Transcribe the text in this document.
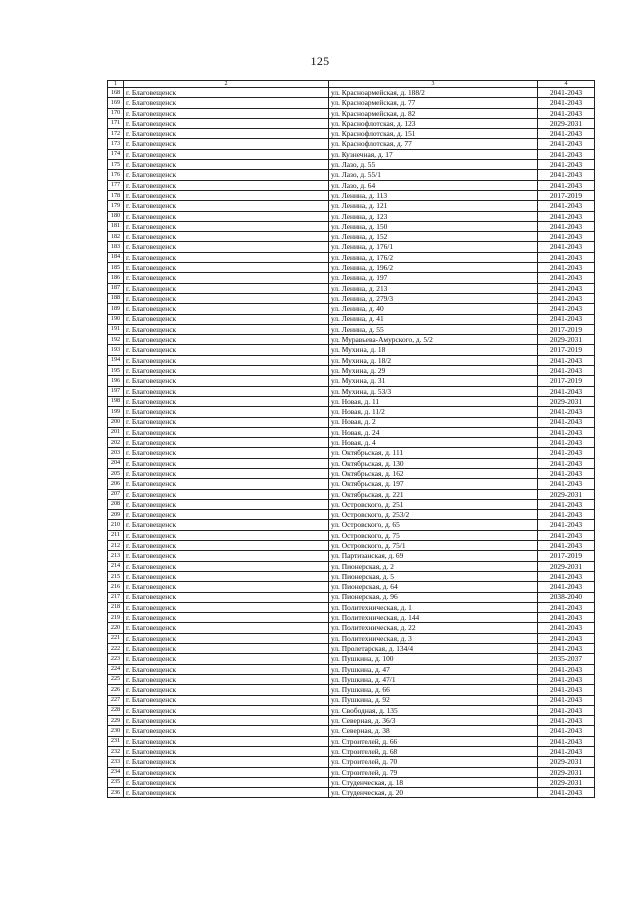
125
1	2	3	4
168	г. Благовещенск	ул. Красноармейская, д. 188/2	2041-2043
169	г. Благовещенск	ул. Красноармейская, д. 77	2041-2043
170	г. Благовещенск	ул. Красноармейская, д. 82	2041-2043
171	г. Благовещенск	ул. Краснофлотская, д. 123	2029-2031
172	г. Благовещенск	ул. Краснофлотская, д. 151	2041-2043
173	г. Благовещенск	ул. Краснофлотская, д. 77	2041-2043
174	г. Благовещенск	ул. Кузнечная, д. 17	2041-2043
175	г. Благовещенск	ул. Лазо, д. 55	2041-2043
176	г. Благовещенск	ул. Лазо, д. 55/1	2041-2043
177	г. Благовещенск	ул. Лазо, д. 64	2041-2043
178	г. Благовещенск	ул. Ленина, д. 113	2017-2019
179	г. Благовещенск	ул. Ленина, д. 121	2041-2043
180	г. Благовещенск	ул. Ленина, д. 123	2041-2043
181	г. Благовещенск	ул. Ленина, д. 150	2041-2043
182	г. Благовещенск	ул. Ленина, д. 152	2041-2043
183	г. Благовещенск	ул. Ленина, д. 176/1	2041-2043
184	г. Благовещенск	ул. Ленина, д. 176/2	2041-2043
185	г. Благовещенск	ул. Ленина, д. 196/2	2041-2043
186	г. Благовещенск	ул. Ленина, д. 197	2041-2043
187	г. Благовещенск	ул. Ленина, д. 213	2041-2043
188	г. Благовещенск	ул. Ленина, д. 279/3	2041-2043
189	г. Благовещенск	ул. Ленина, д. 40	2041-2043
190	г. Благовещенск	ул. Ленина, д. 41	2041-2043
191	г. Благовещенск	ул. Ленина, д. 55	2017-2019
192	г. Благовещенск	ул. Муравьева-Амурского, д. 5/2	2029-2031
193	г. Благовещенск	ул. Мухина, д. 18	2017-2019
194	г. Благовещенск	ул. Мухина, д. 18/2	2041-2043
195	г. Благовещенск	ул. Мухина, д. 29	2041-2043
196	г. Благовещенск	ул. Мухина, д. 31	2017-2019
197	г. Благовещенск	ул. Мухина, д. 53/3	2041-2043
198	г. Благовещенск	ул. Новая, д. 11	2029-2031
199	г. Благовещенск	ул. Новая, д. 11/2	2041-2043
200	г. Благовещенск	ул. Новая, д. 2	2041-2043
201	г. Благовещенск	ул. Новая, д. 24	2041-2043
202	г. Благовещенск	ул. Новая, д. 4	2041-2043
203	г. Благовещенск	ул. Октябрьская, д. 111	2041-2043
204	г. Благовещенск	ул. Октябрьская, д. 130	2041-2043
205	г. Благовещенск	ул. Октябрьская, д. 162	2041-2043
206	г. Благовещенск	ул. Октябрьская, д. 197	2041-2043
207	г. Благовещенск	ул. Октябрьская, д. 221	2029-2031
208	г. Благовещенск	ул. Островского, д. 251	2041-2043
209	г. Благовещенск	ул. Островского, д. 253/2	2041-2043
210	г. Благовещенск	ул. Островского, д. 65	2041-2043
211	г. Благовещенск	ул. Островского, д. 75	2041-2043
212	г. Благовещенск	ул. Островского, д. 75/1	2041-2043
213	г. Благовещенск	ул. Партизанская, д. 69	2017-2019
214	г. Благовещенск	ул. Пионерская, д. 2	2029-2031
215	г. Благовещенск	ул. Пионерская, д. 5	2041-2043
216	г. Благовещенск	ул. Пионерская, д. 64	2041-2043
217	г. Благовещенск	ул. Пионерская, д. 96	2038-2040
218	г. Благовещенск	ул. Политехническая, д. 1	2041-2043
219	г. Благовещенск	ул. Политехническая, д. 144	2041-2043
220	г. Благовещенск	ул. Политехническая, д. 22	2041-2043
221	г. Благовещенск	ул. Политехническая, д. 3	2041-2043
222	г. Благовещенск	ул. Пролетарская, д. 134/4	2041-2043
223	г. Благовещенск	ул. Пушкина, д. 100	2035-2037
224	г. Благовещенск	ул. Пушкина, д. 47	2041-2043
225	г. Благовещенск	ул. Пушкина, д. 47/1	2041-2043
226	г. Благовещенск	ул. Пушкина, д. 66	2041-2043
227	г. Благовещенск	ул. Пушкина, д. 92	2041-2043
228	г. Благовещенск	ул. Свободная, д. 135	2041-2043
229	г. Благовещенск	ул. Северная, д. 36/3	2041-2043
230	г. Благовещенск	ул. Северная, д. 38	2041-2043
231	г. Благовещенск	ул. Строителей, д. 66	2041-2043
232	г. Благовещенск	ул. Строителей, д. 68	2041-2043
233	г. Благовещенск	ул. Строителей, д. 70	2029-2031
234	г. Благовещенск	ул. Строителей, д. 79	2029-2031
235	г. Благовещенск	ул. Студенческая, д. 18	2029-2031
236	г. Благовещенск	ул. Студенческая, д. 20	2041-2043
